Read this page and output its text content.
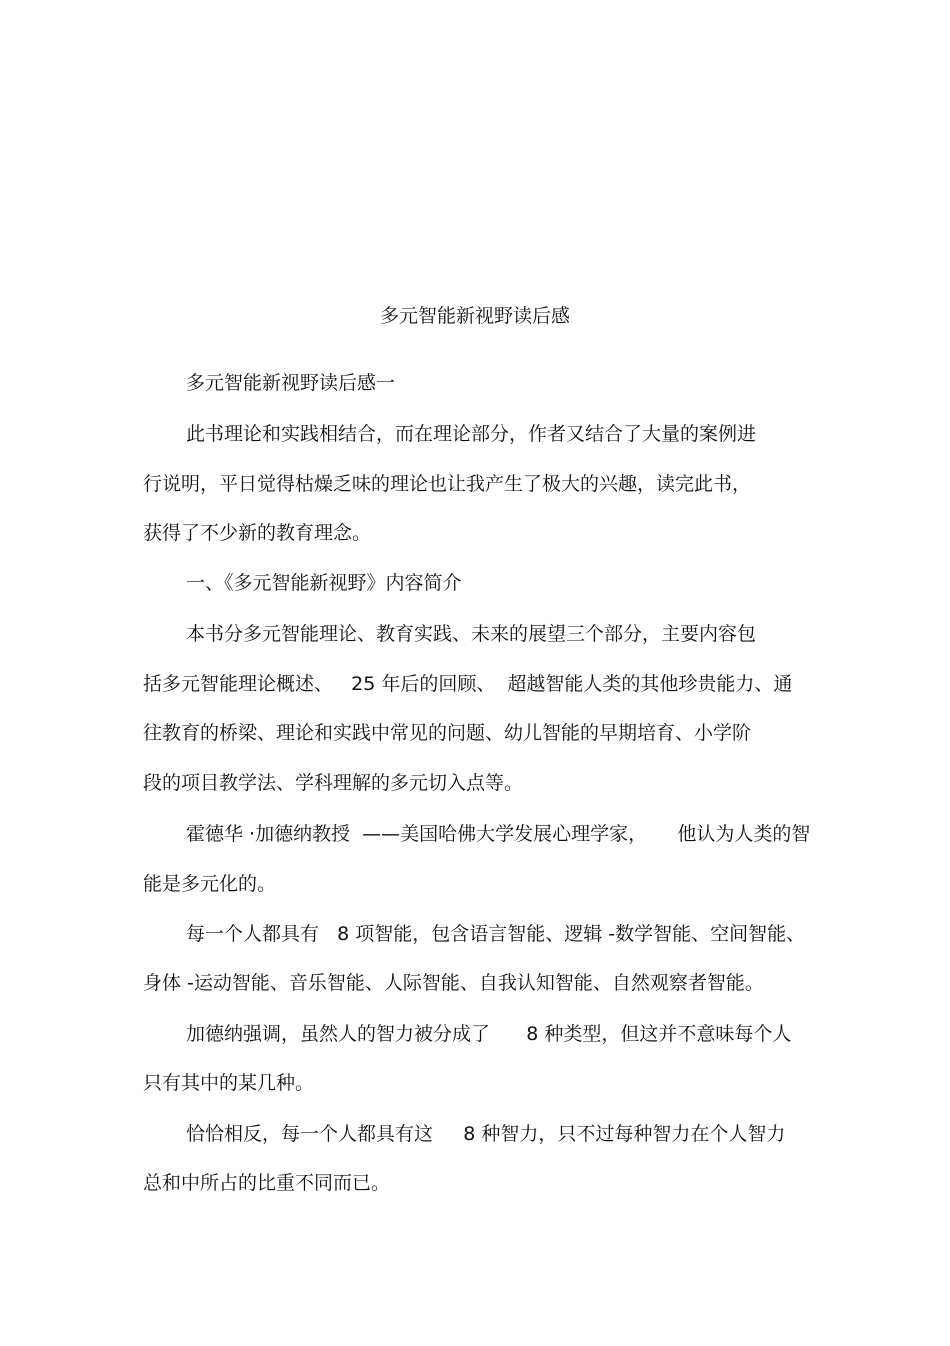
多元智能新视野读后感
多元智能新视野读后感一
此书理论和实践相结合，而在理论部分，作者又结合了大量的案例进
行说明，平日觉得枯燥乏味的理论也让我产生了极大的兴趣，读完此书，
获得了不少新的教育理念。
一、《多元智能新视野》内容简介
本书分多元智能理论、教育实践、未来的展望三个部分，主要内容包
括多元智能理论概述、   25 年后的回顾、  超越智能人类的其他珍贵能力、通
往教育的桥梁、理论和实践中常见的问题、幼儿智能的早期培育、小学阶
段的项目教学法、学科理解的多元切入点等。
霍德华 ·加德纳教授  ——美国哈佛大学发展心理学家，     他认为人类的智
能是多元化的。
每一个人都具有   8 项智能，包含语言智能、逻辑 -数学智能、空间智能、
身体 -运动智能、音乐智能、人际智能、自我认知智能、自然观察者智能。
加德纳强调，虽然人的智力被分成了      8 种类型，但这并不意味每个人
只有其中的某几种。
恰恰相反，每一个人都具有这     8 种智力，只不过每种智力在个人智力
总和中所占的比重不同而已。
